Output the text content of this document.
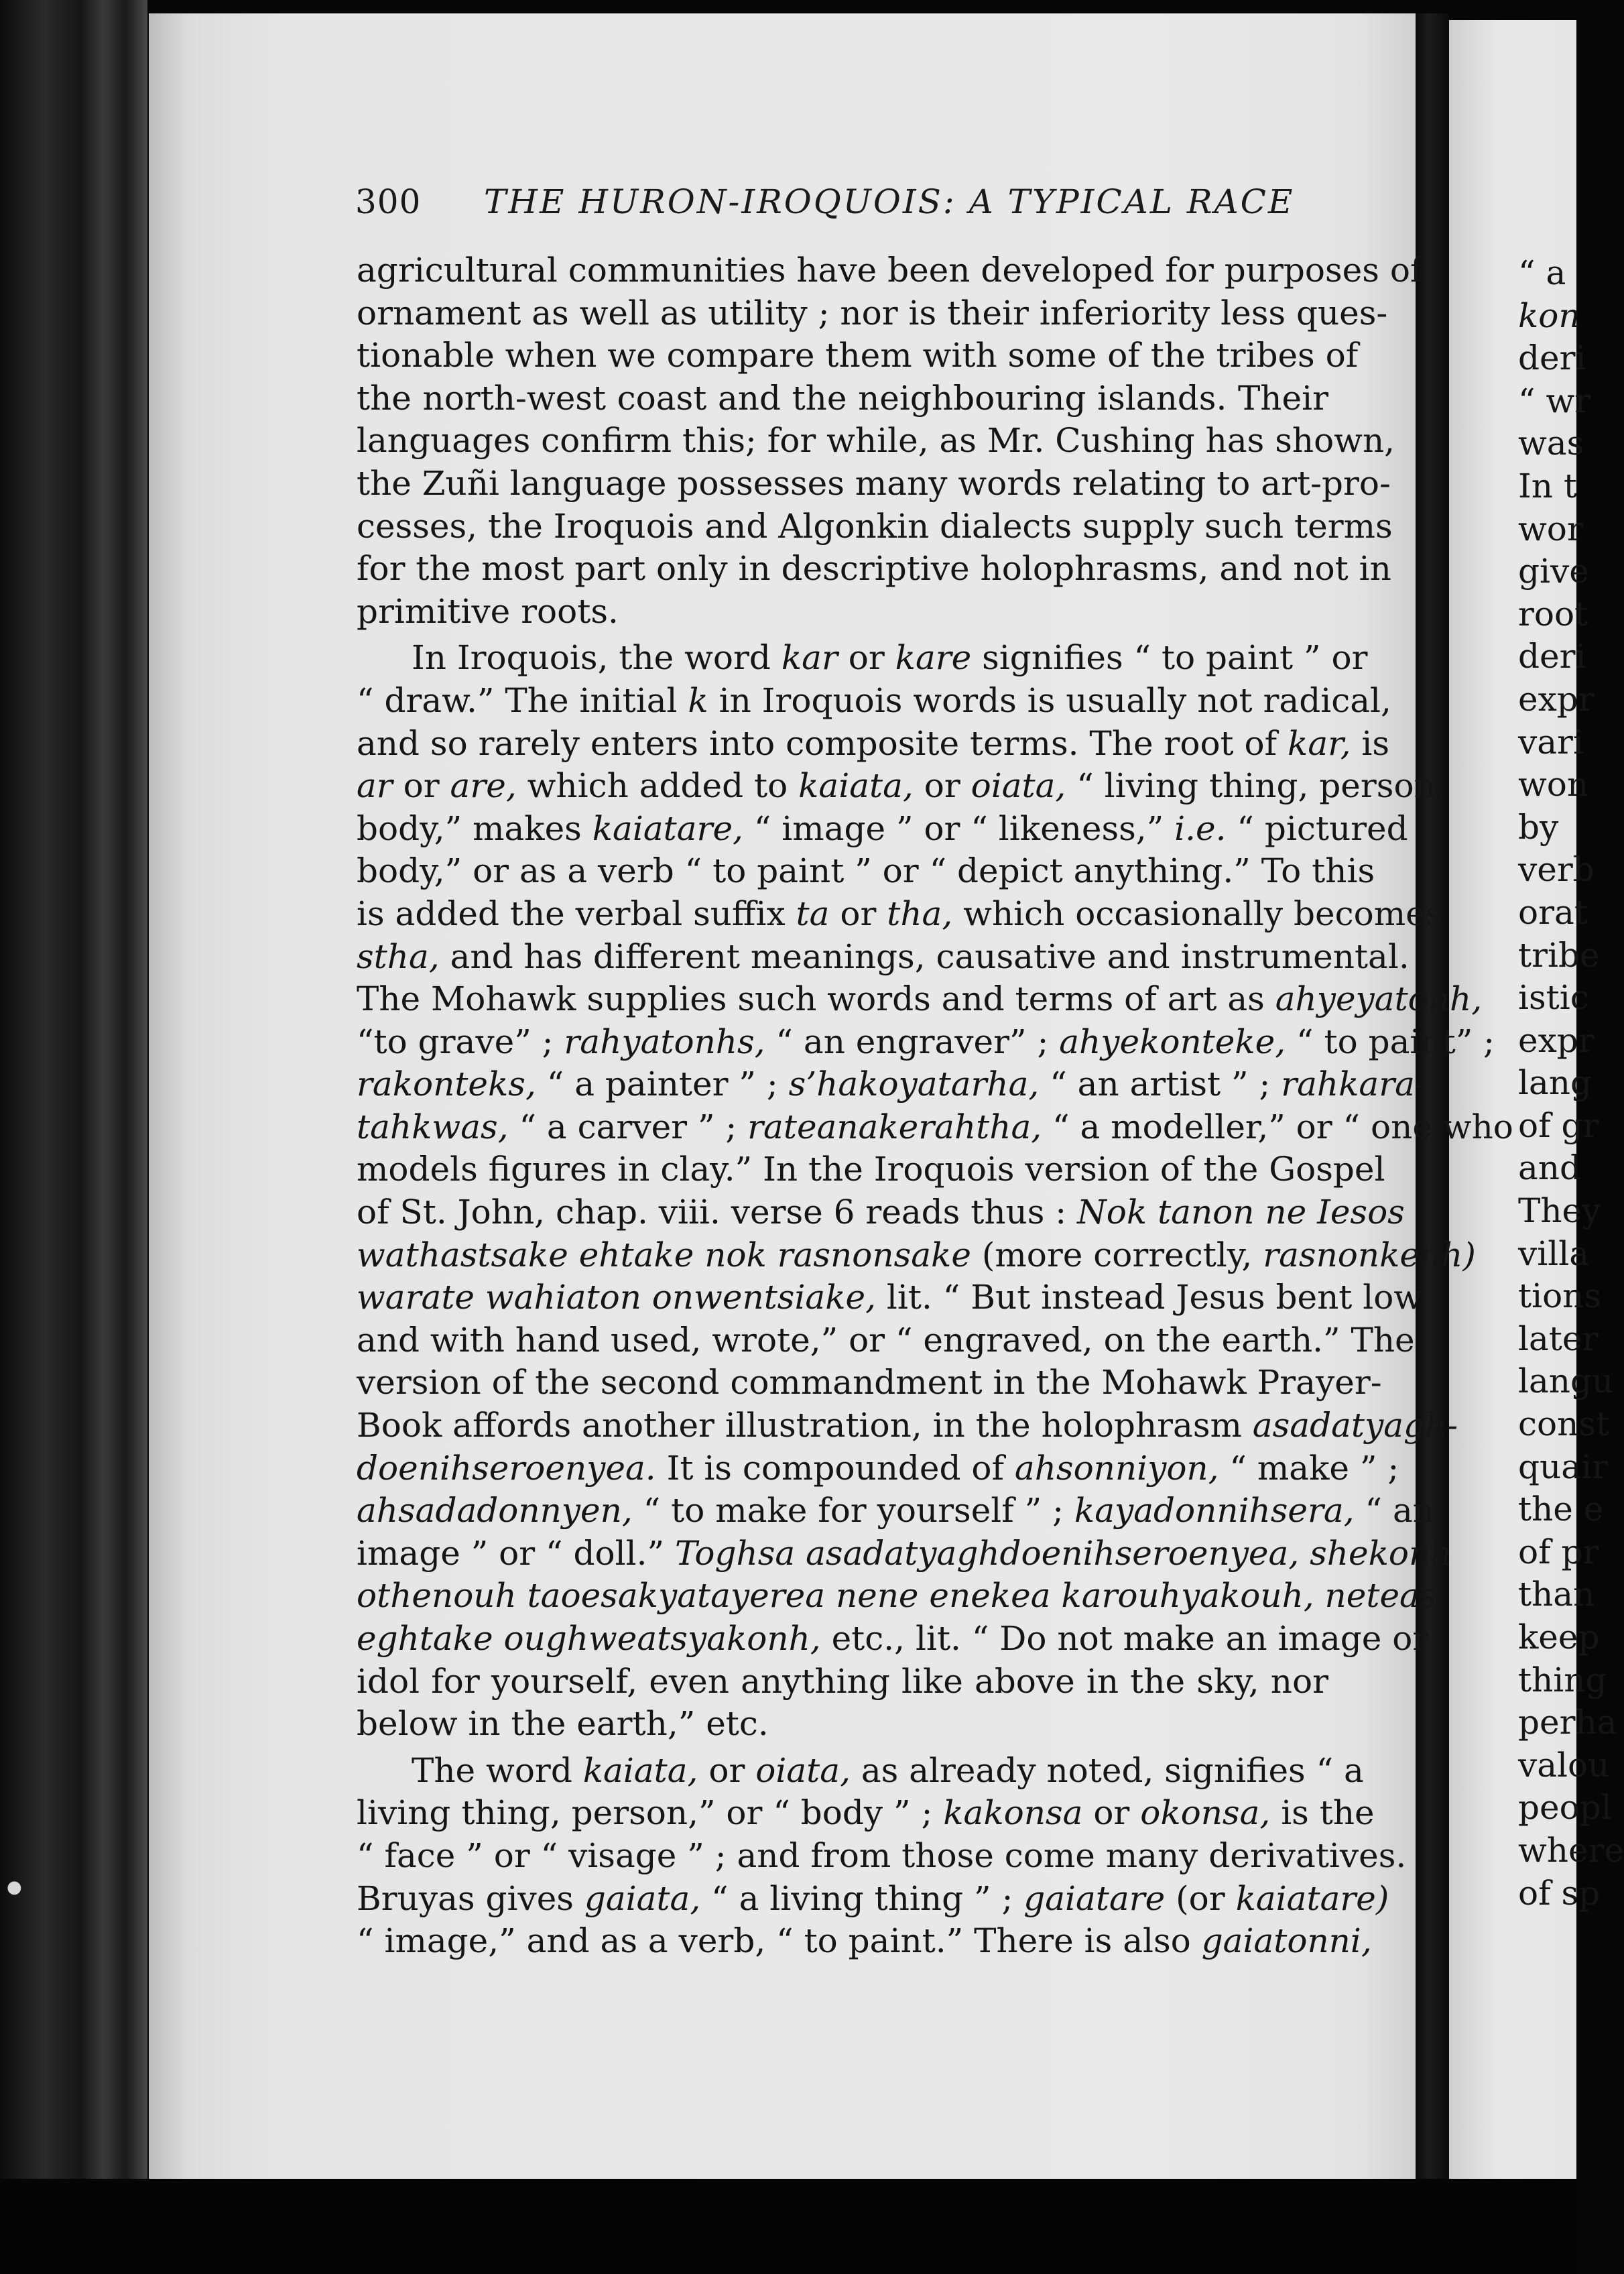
●
•
300 THE HURON-IROQUOIS: A TYPICAL RACE
agricultural communities have been developed for purposes of
ornament as well as utility ; nor is their inferiority less ques-
tionable when we compare them with some of the tribes of
the north-west coast and the neighbouring islands. Their
languages confirm this; for while, as Mr. Cushing has shown,
the Zuñi language possesses many words relating to art-pro-
cesses, the Iroquois and Algonkin dialects supply such terms
for the most part only in descriptive holophrasms, and not in
primitive roots.
In Iroquois, the word kar or kare signifies “ to paint ” or
“ draw.” The initial k in Iroquois words is usually not radical,
and so rarely enters into composite terms. The root of kar, is
ar or are, which added to kaiata, or oiata, “ living thing, person,
body,” makes kaiatare, “ image ” or “ likeness,” i.e. “ pictured
body,” or as a verb “ to paint ” or “ depict anything.” To this
is added the verbal suffix ta or tha, which occasionally becomes
stha, and has different meanings, causative and instrumental.
The Mohawk supplies such words and terms of art as ahyeyatonh,
“to grave” ; rahyatonhs, “ an engraver” ; ahyekonteke, “ to paint” ;
rakonteks, “ a painter ” ; s’hakoyatarha, “ an artist ” ; rahkara-
tahkwas, “ a carver ” ; rateanakerahtha, “ a modeller,” or “ one who
models figures in clay.” In the Iroquois version of the Gospel
of St. John, chap. viii. verse 6 reads thus : Nok tanon ne Iesos
wathastsake ehtake nok rasnonsake (more correctly, rasnonkenh)
warate wahiaton onwentsiake, lit. “ But instead Jesus bent low
and with hand used, wrote,” or “ engraved, on the earth.” The
version of the second commandment in the Mohawk Prayer-
Book affords another illustration, in the holophrasm asadatyagh-
doenihseroenyea. It is compounded of ahsonniyon, “ make ” ;
ahsadadonnyen, “ to make for yourself ” ; kayadonnihsera, “ an
image ” or “ doll.” Toghsa asadatyaghdoenihseroenyea, shekonh
othenouh taoesakyatayerea nene enekea karouhyakouh, neteas
eghtake oughweatsyakonh, etc., lit. “ Do not make an image or
idol for yourself, even anything like above in the sky, nor
below in the earth,” etc.
The word kaiata, or oiata, as already noted, signifies “ a
living thing, person,” or “ body ” ; kakonsa or okonsa, is the
“ face ” or “ visage ” ; and from those come many derivatives.
Bruyas gives gaiata, “ a living thing ” ; gaiatare (or kaiatare)
“ image,” and as a verb, “ to paint.” There is also gaiatonni,
“ a
kon
deri
“ wr
was
In t
wor
give
root
deri
expr
vari
won
by
verb
orat
tribe
istic
expr
lang
of gr
and
They
villa
tions
later
langu
const
quair
the e
of pr
than
keep
thing
perha
valou
peopl
where
of sp
